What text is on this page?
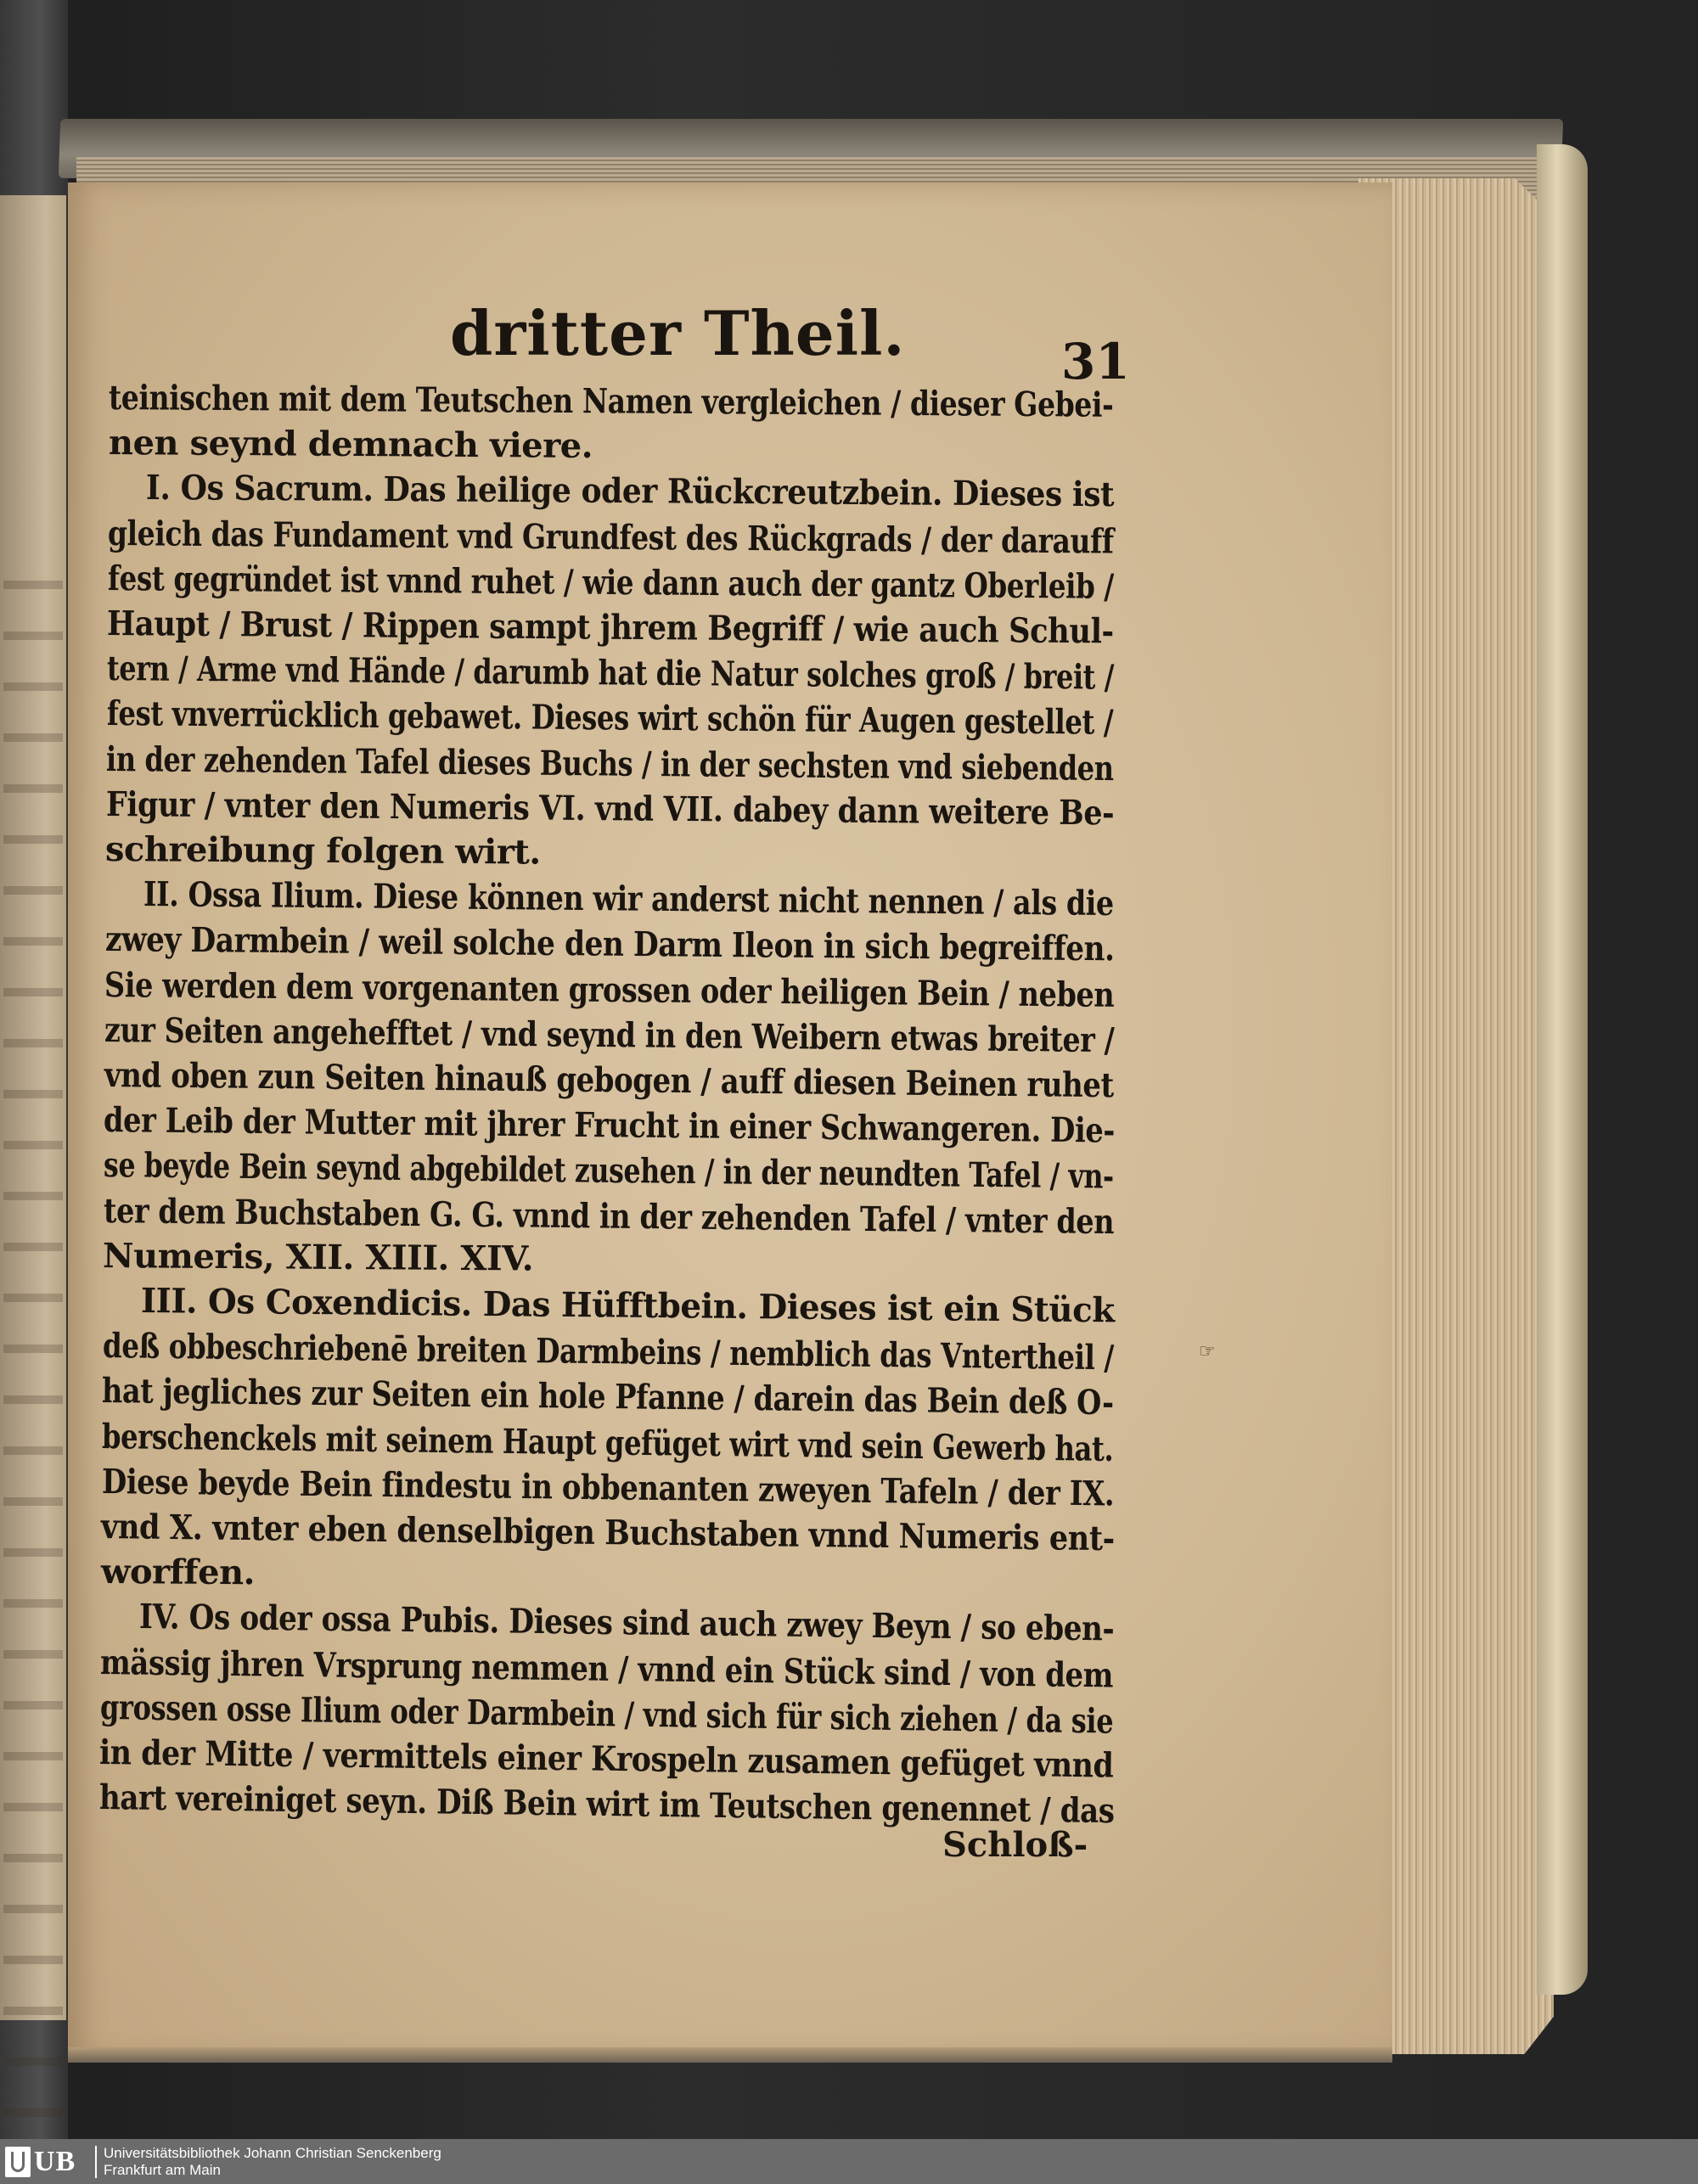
dritter Theil.	31
teinischen mit dem Teutschen Namen vergleichen / dieser Gebei-
nen seynd demnach viere.
I. Os Sacrum. Das heilige oder Rückcreutzbein. Dieses ist
gleich das Fundament vnd Grundfest des Rückgrads / der darauff
fest gegründet ist vnnd ruhet / wie dann auch der gantz Oberleib /
Haupt / Brust / Rippen sampt jhrem Begriff / wie auch Schul-
tern / Arme vnd Hände / darumb hat die Natur solches groß / breit /
fest vnverrücklich gebawet. Dieses wirt schön für Augen gestellet /
in der zehenden Tafel dieses Buchs / in der sechsten vnd siebenden
Figur / vnter den Numeris VI. vnd VII. dabey dann weitere Be-
schreibung folgen wirt.
II. Ossa Ilium. Diese können wir anderst nicht nennen / als die
zwey Darmbein / weil solche den Darm Ileon in sich begreiffen.
Sie werden dem vorgenanten grossen oder heiligen Bein / neben
zur Seiten angehefftet / vnd seynd in den Weibern etwas breiter /
vnd oben zun Seiten hinauß gebogen / auff diesen Beinen ruhet
der Leib der Mutter mit jhrer Frucht in einer Schwangeren. Die-
se beyde Bein seynd abgebildet zusehen / in der neundten Tafel / vn-
ter dem Buchstaben G. G. vnnd in der zehenden Tafel / vnter den
Numeris, XII. XIII. XIV.
III. Os Coxendicis. Das Hüfftbein. Dieses ist ein Stück
deß obbeschriebenē breiten Darmbeins / nemblich das Vntertheil /
hat jegliches zur Seiten ein hole Pfanne / darein das Bein deß O-
berschenckels mit seinem Haupt gefüget wirt vnd sein Gewerb hat.
Diese beyde Bein findestu in obbenanten zweyen Tafeln / der IX.
vnd X. vnter eben denselbigen Buchstaben vnnd Numeris ent-
worffen.
IV. Os oder ossa Pubis. Dieses sind auch zwey Beyn / so eben-
mässig jhren Vrsprung nemmen / vnnd ein Stück sind / von dem
grossen osse Ilium oder Darmbein / vnd sich für sich ziehen / da sie
in der Mitte / vermittels einer Krospeln zusamen gefüget vnnd
hart vereiniget seyn. Diß Bein wirt im Teutschen genennet / das
Schloß-
☞
UB Universitätsbibliothek Johann Christian Senckenberg
Frankfurt am Main
